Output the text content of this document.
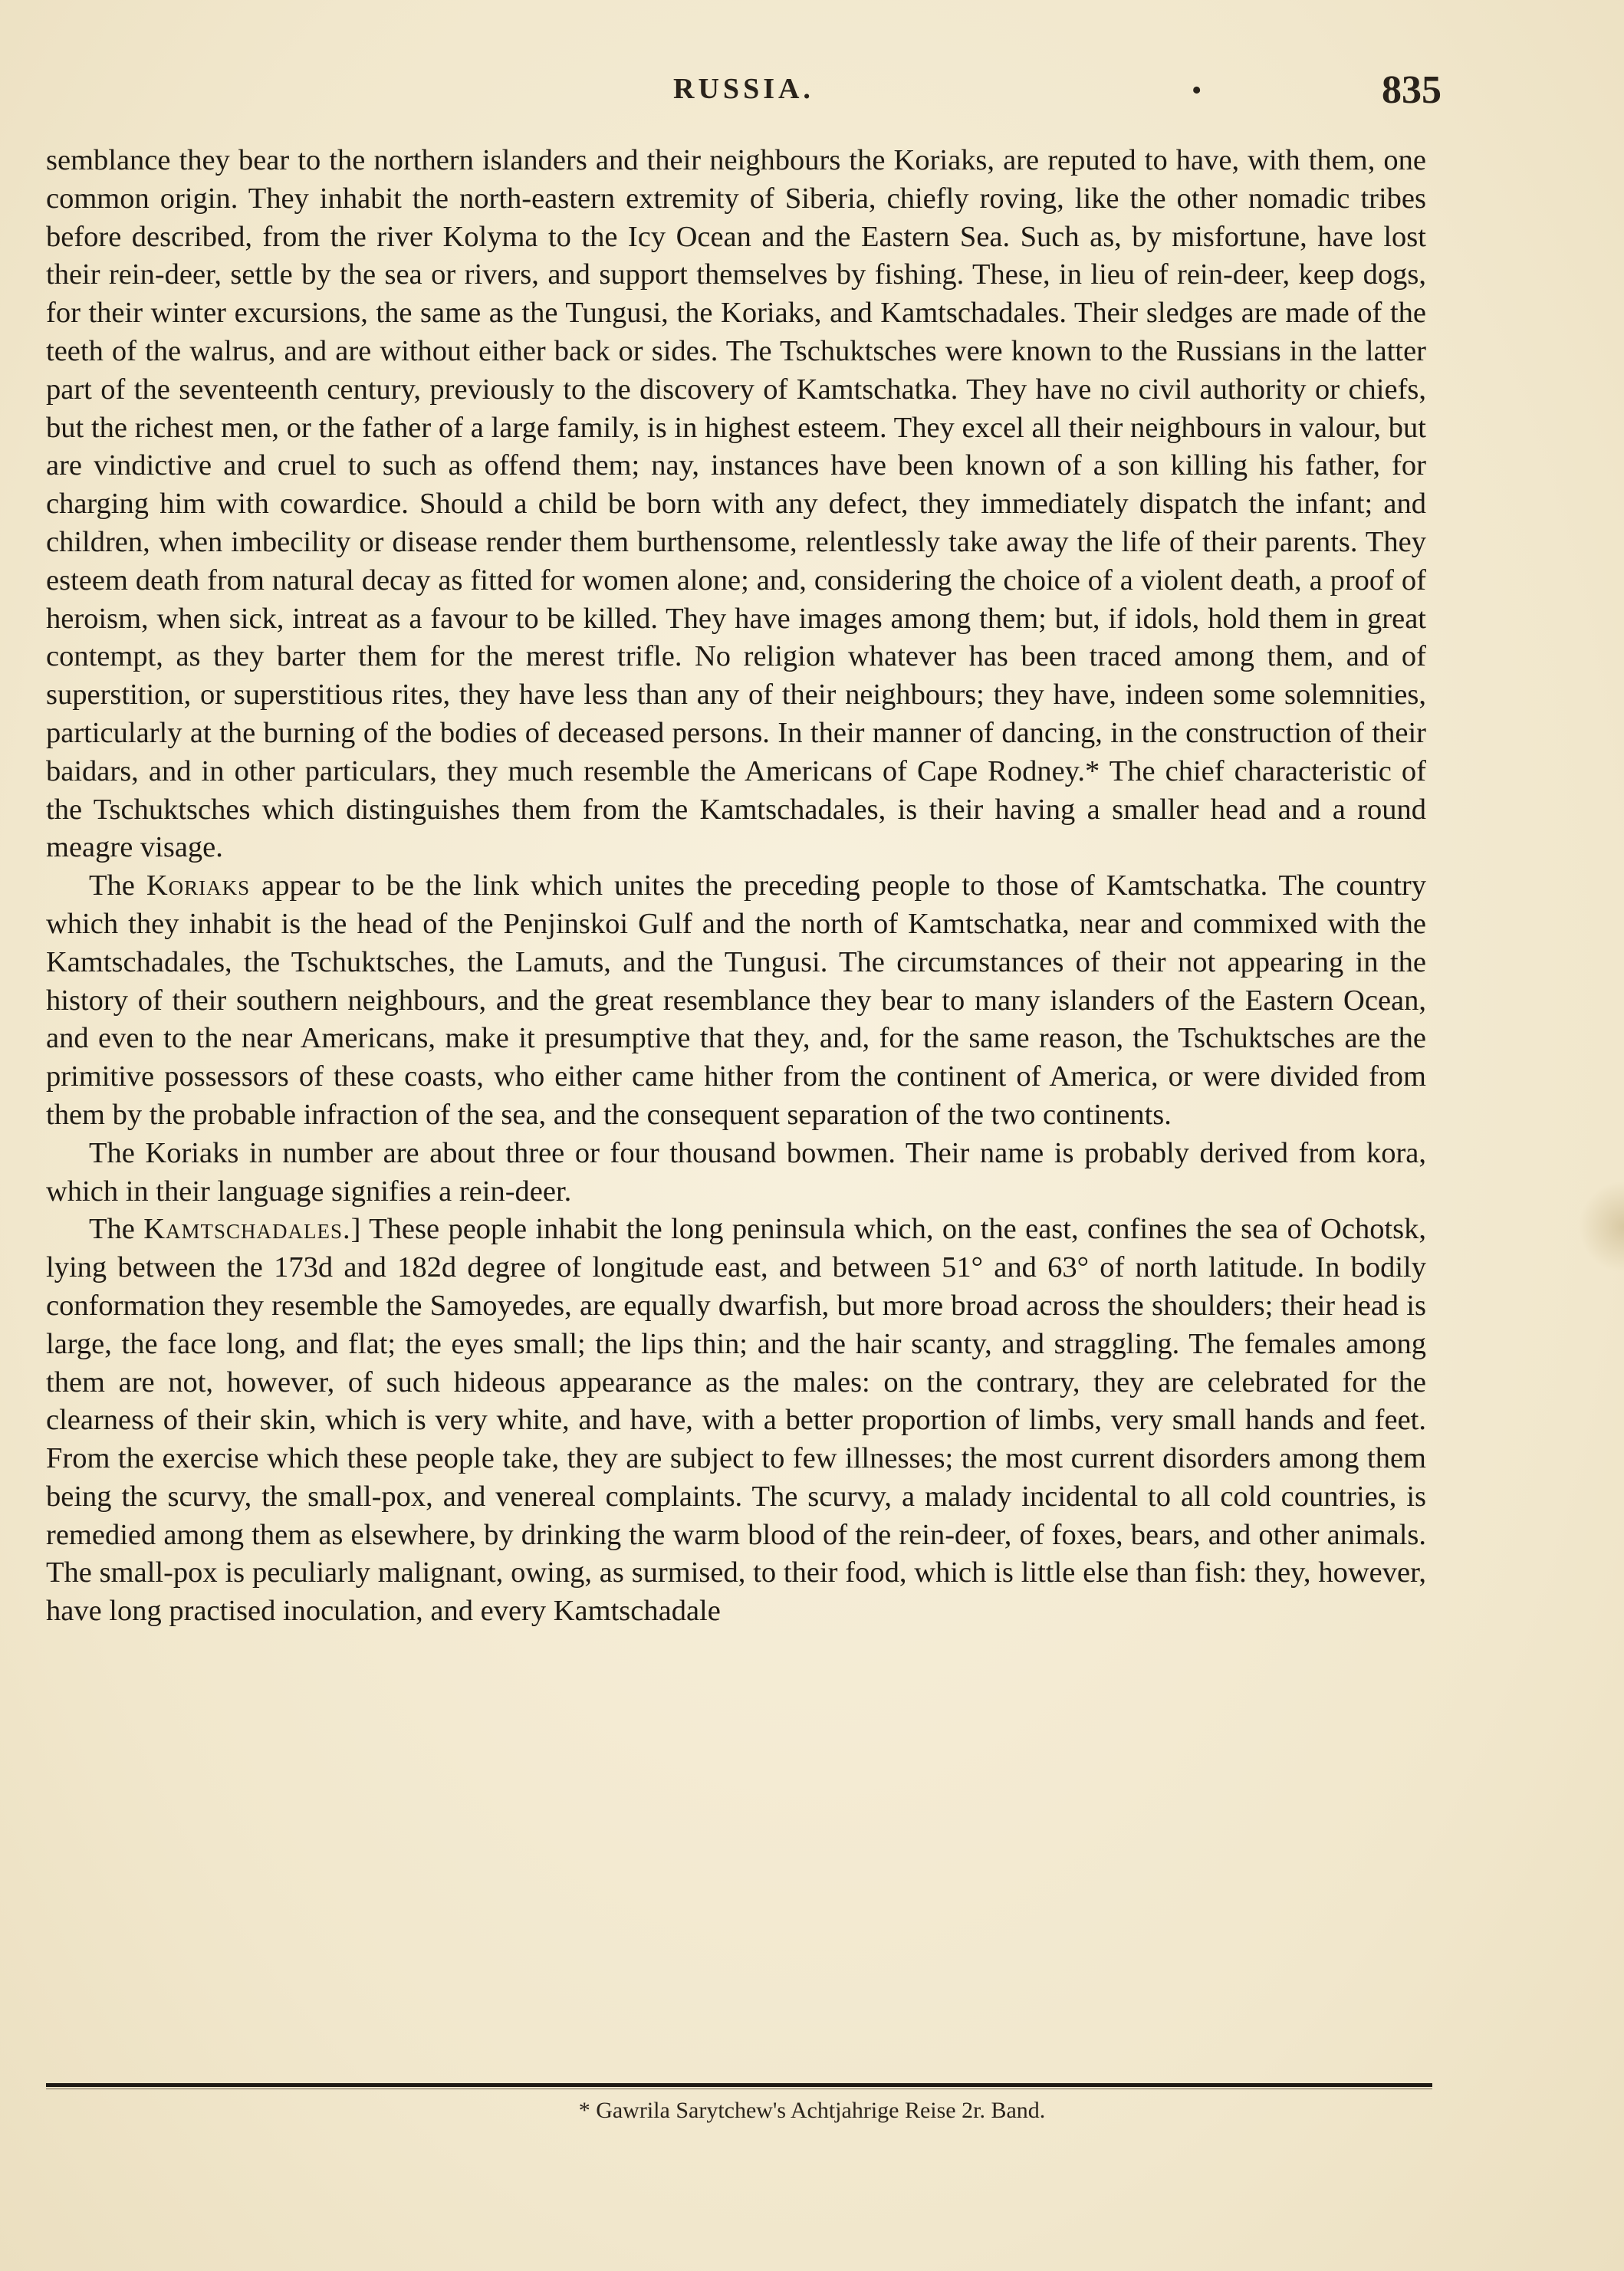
RUSSIA.	•	835

semblance they bear to the northern islanders and their neighbours the Koriaks, are reputed to have, with them, one common origin. They inhabit the north-eastern extremity of Siberia, chiefly roving, like the other nomadic tribes before described, from the river Kolyma to the Icy Ocean and the Eastern Sea. Such as, by misfortune, have lost their rein-deer, settle by the sea or rivers, and support themselves by fishing. These, in lieu of rein-deer, keep dogs, for their winter excursions, the same as the Tungusi, the Koriaks, and Kamtschadales. Their sledges are made of the teeth of the walrus, and are without either back or sides. The Tschuktsches were known to the Russians in the latter part of the seventeenth century, previously to the discovery of Kamtschatka. They have no civil authority or chiefs, but the richest men, or the father of a large family, is in highest esteem. They excel all their neighbours in valour, but are vindictive and cruel to such as offend them; nay, instances have been known of a son killing his father, for charging him with cowardice. Should a child be born with any defect, they immediately dispatch the infant; and children, when imbecility or disease render them burthensome, relentlessly take away the life of their parents. They esteem death from natural decay as fitted for women alone; and, considering the choice of a violent death, a proof of heroism, when sick, intreat as a favour to be killed. They have images among them; but, if idols, hold them in great contempt, as they barter them for the merest trifle. No religion whatever has been traced among them, and of superstition, or superstitious rites, they have less than any of their neighbours; they have, indeen some solemnities, particularly at the burning of the bodies of deceased persons. In their manner of dancing, in the construction of their baidars, and in other particulars, they much resemble the Americans of Cape Rodney.* The chief characteristic of the Tschuktsches which distinguishes them from the Kamtschadales, is their having a smaller head and a round meagre visage.

The Koriaks appear to be the link which unites the preceding people to those of Kamtschatka. The country which they inhabit is the head of the Penjinskoi Gulf and the north of Kamtschatka, near and commixed with the Kamtschadales, the Tschuktsches, the Lamuts, and the Tungusi. The circumstances of their not appearing in the history of their southern neighbours, and the great resemblance they bear to many islanders of the Eastern Ocean, and even to the near Americans, make it presumptive that they, and, for the same reason, the Tschuktsches are the primitive possessors of these coasts, who either came hither from the continent of America, or were divided from them by the probable infraction of the sea, and the consequent separation of the two continents.

The Koriaks in number are about three or four thousand bowmen. Their name is probably derived from kora, which in their language signifies a rein-deer.

The Kamtschadales.] These people inhabit the long peninsula which, on the east, confines the sea of Ochotsk, lying between the 173d and 182d degree of longitude east, and between 51° and 63° of north latitude. In bodily conformation they resemble the Samoyedes, are equally dwarfish, but more broad across the shoulders; their head is large, the face long, and flat; the eyes small; the lips thin; and the hair scanty, and straggling. The females among them are not, however, of such hideous appearance as the males: on the contrary, they are celebrated for the clearness of their skin, which is very white, and have, with a better proportion of limbs, very small hands and feet. From the exercise which these people take, they are subject to few illnesses; the most current disorders among them being the scurvy, the small-pox, and venereal complaints. The scurvy, a malady incidental to all cold countries, is remedied among them as elsewhere, by drinking the warm blood of the rein-deer, of foxes, bears, and other animals. The small-pox is peculiarly malignant, owing, as surmised, to their food, which is little else than fish: they, however, have long practised inoculation, and every Kamtschadale

* Gawrila Sarytchew's Achtjahrige Reise 2r. Band.
